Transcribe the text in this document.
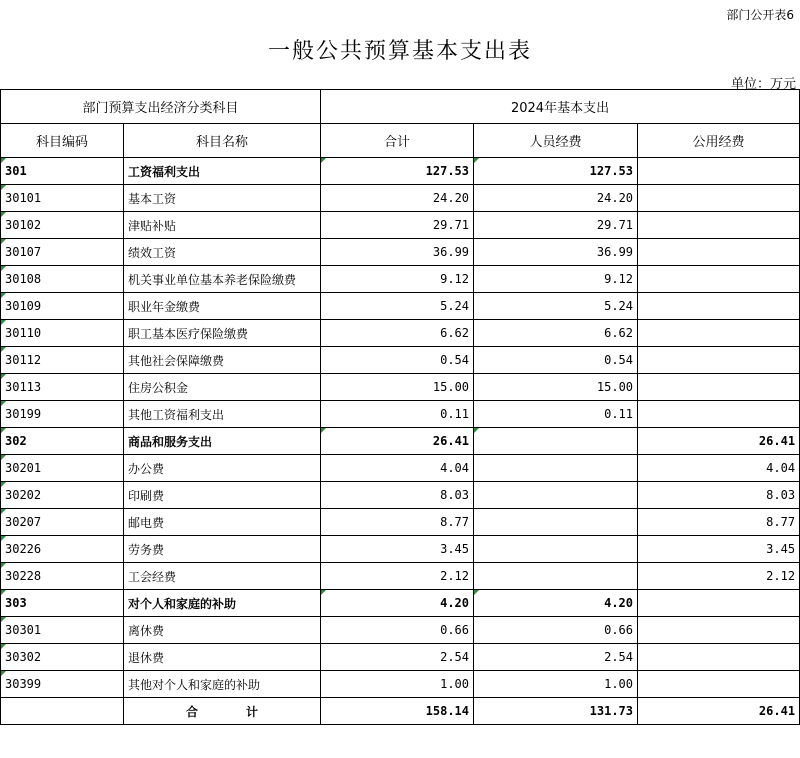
部门公开表6
一般公共预算基本支出表
单位：万元
部门预算支出经济分类科目		2024年基本支出		
科目编码	科目名称	合计	人员经费	公用经费
301	工资福利支出	127.53	127.53	
30101	基本工资	24.20	24.20	
30102	津贴补贴	29.71	29.71	
30107	绩效工资	36.99	36.99	
30108	机关事业单位基本养老保险缴费	9.12	9.12	
30109	职业年金缴费	5.24	5.24	
30110	职工基本医疗保险缴费	6.62	6.62	
30112	其他社会保障缴费	0.54	0.54	
30113	住房公积金	15.00	15.00	
30199	其他工资福利支出	0.11	0.11	
302	商品和服务支出	26.41		26.41
30201	办公费	4.04		4.04
30202	印刷费	8.03		8.03
30207	邮电费	8.77		8.77
30226	劳务费	3.45		3.45
30228	工会经费	2.12		2.12
303	对个人和家庭的补助	4.20	4.20	
30301	离休费	0.66	0.66	
30302	退休费	2.54	2.54	
30399	其他对个人和家庭的补助	1.00	1.00	
	合　　　　计	158.14	131.73	26.41
